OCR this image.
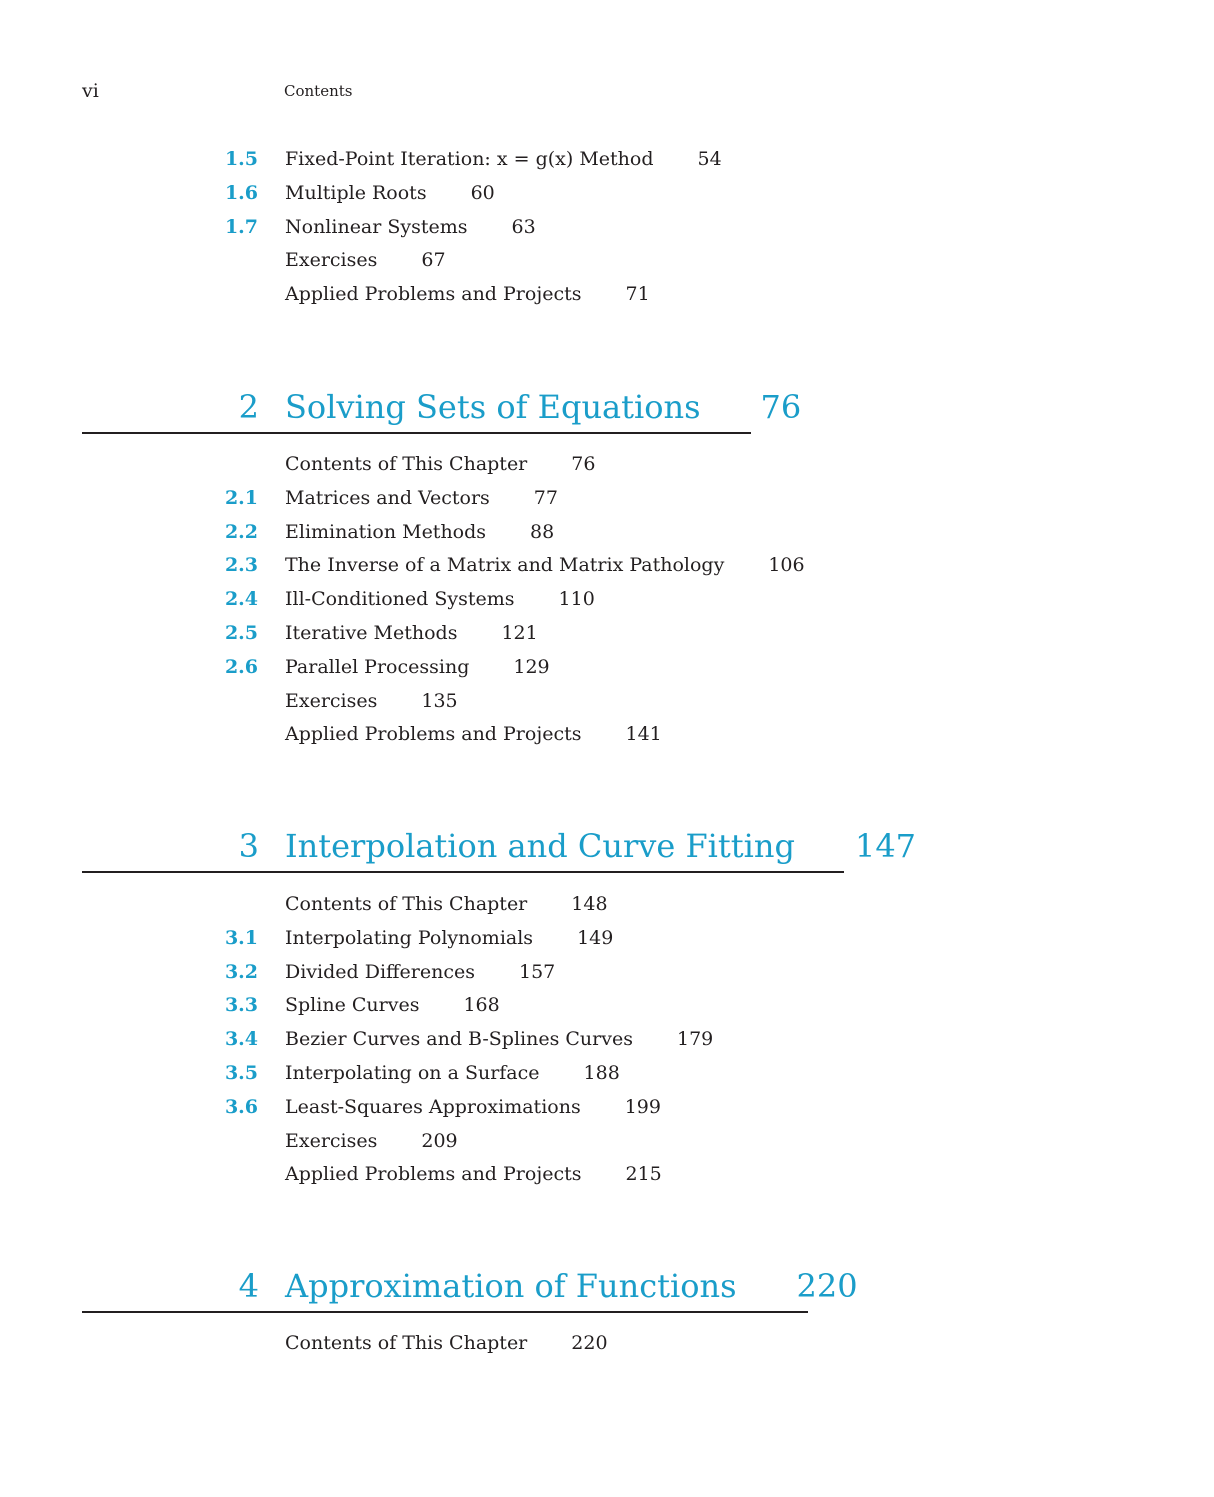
vi	Contents
1.5 Fixed-Point Iteration: x = g(x) Method 54
1.6 Multiple Roots 60
1.7 Nonlinear Systems 63
Exercises 67
Applied Problems and Projects 71
2 Solving Sets of Equations 76
Contents of This Chapter 76
2.1 Matrices and Vectors 77
2.2 Elimination Methods 88
2.3 The Inverse of a Matrix and Matrix Pathology 106
2.4 Ill-Conditioned Systems 110
2.5 Iterative Methods 121
2.6 Parallel Processing 129
Exercises 135
Applied Problems and Projects 141
3 Interpolation and Curve Fitting 147
Contents of This Chapter 148
3.1 Interpolating Polynomials 149
3.2 Divided Differences 157
3.3 Spline Curves 168
3.4 Bezier Curves and B-Splines Curves 179
3.5 Interpolating on a Surface 188
3.6 Least-Squares Approximations 199
Exercises 209
Applied Problems and Projects 215
4 Approximation of Functions 220
Contents of This Chapter 220
